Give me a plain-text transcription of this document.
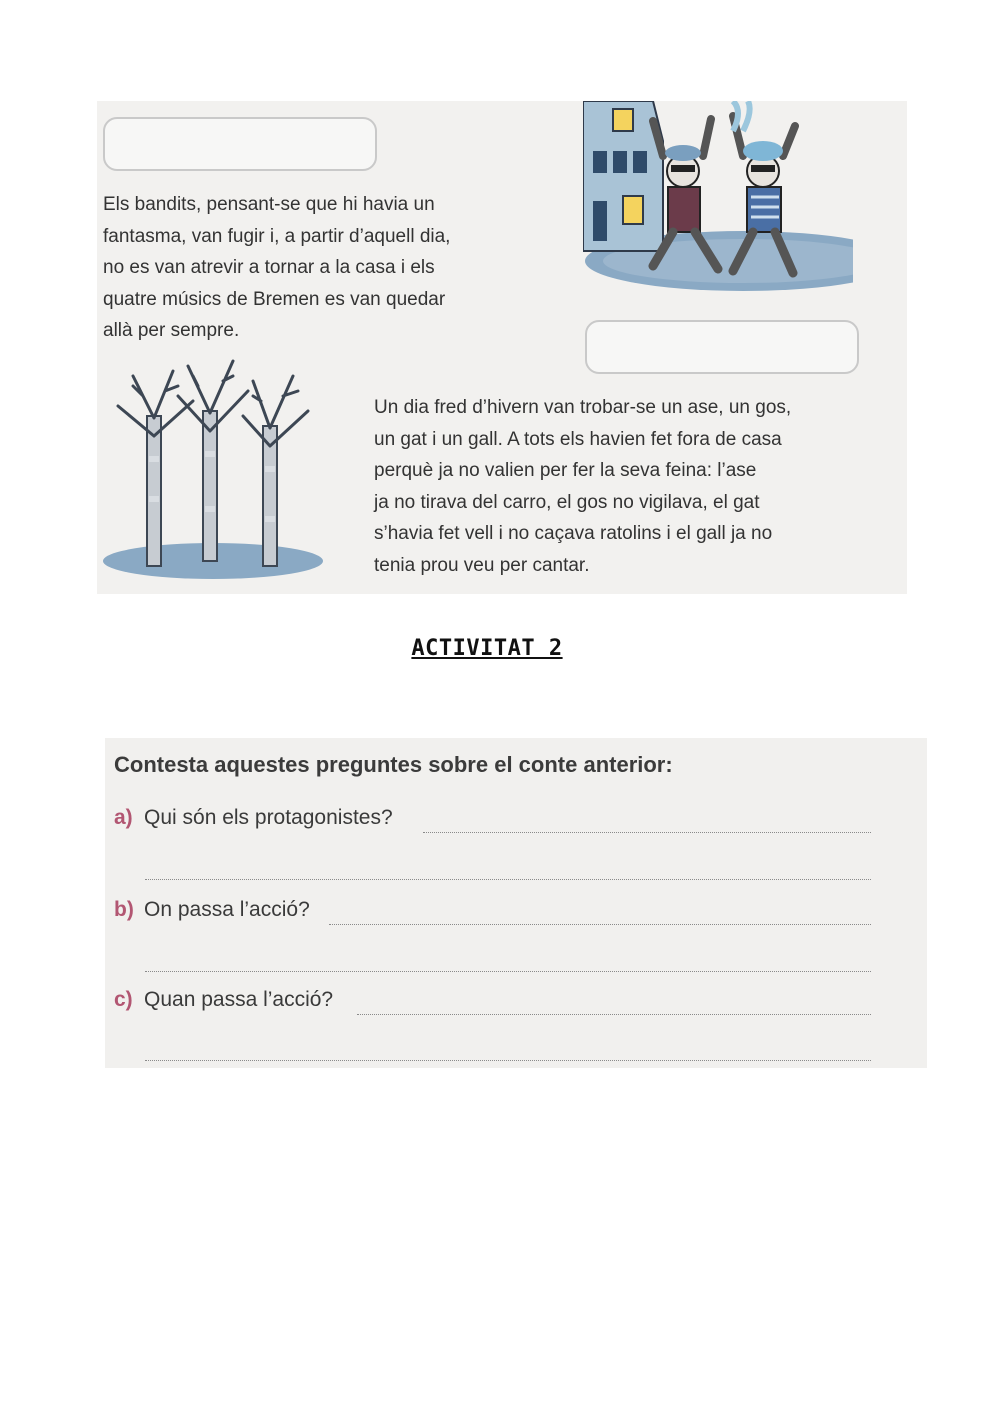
Els bandits, pensant-se que hi havia un
fantasma, van fugir i, a partir d’aquell dia,
no es van atrevir a tornar a la casa i els
quatre músics de Bremen es van quedar
allà per sempre.

Un dia fred d’hivern van trobar-se un ase, un gos,
un gat i un gall. A tots els havien fet fora de casa
perquè ja no valien per fer la seva feina: l’ase
ja no tirava del carro, el gos no vigilava, el gat
s’havia fet vell i no caçava ratolins i el gall ja no
tenia prou veu per cantar.

ACTIVITAT 2

Contesta aquestes preguntes sobre el conte anterior:

a) Qui són els protagonistes?
b) On passa l’acció?
c) Quan passa l’acció?
